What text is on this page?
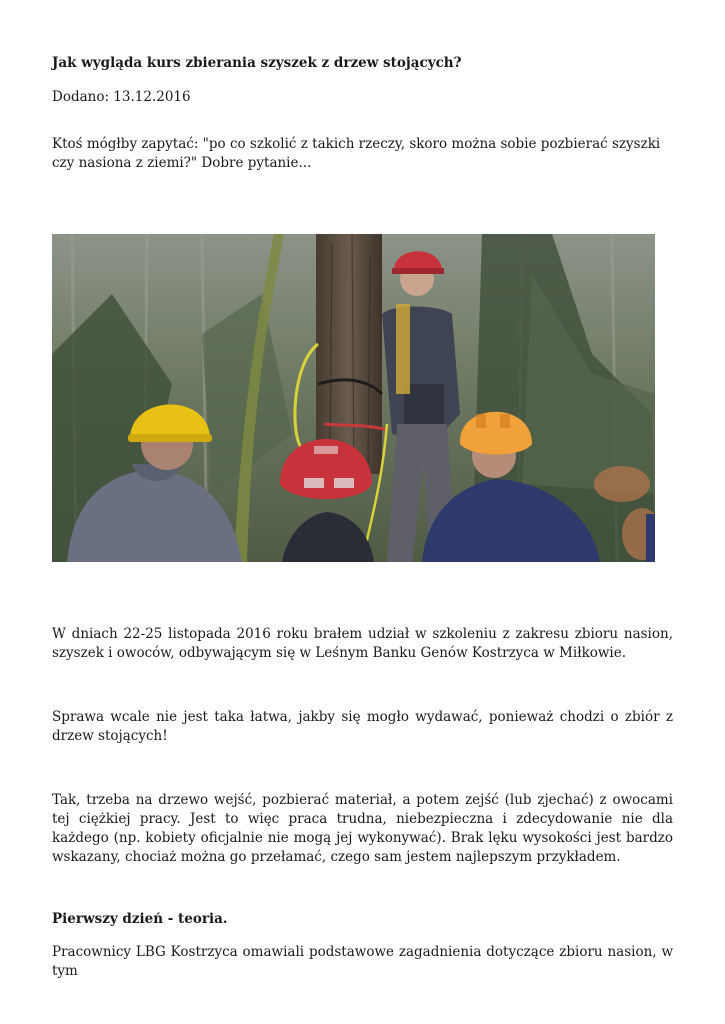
Jak wygląda kurs zbierania szyszek z drzew stojących?

Dodano: 13.12.2016

Ktoś mógłby zapytać: "po co szkolić z takich rzeczy, skoro można sobie pozbierać szyszki czy nasiona z ziemi?" Dobre pytanie...

W dniach 22-25 listopada 2016 roku brałem udział w szkoleniu z zakresu zbioru nasion, szyszek i owoców, odbywającym się w Leśnym Banku Genów Kostrzyca w Miłkowie.

Sprawa wcale nie jest taka łatwa, jakby się mogło wydawać, ponieważ chodzi o zbiór z drzew stojących!

Tak, trzeba na drzewo wejść, pozbierać materiał, a potem zejść (lub zjechać) z owocami tej ciężkiej pracy. Jest to więc praca trudna, niebezpieczna i zdecydowanie nie dla każdego (np. kobiety oficjalnie nie mogą jej wykonywać). Brak lęku wysokości jest bardzo wskazany, chociaż można go przełamać, czego sam jestem najlepszym przykładem.

Pierwszy dzień - teoria.

Pracownicy LBG Kostrzyca omawiali podstawowe zagadnienia dotyczące zbioru nasion, w tym
